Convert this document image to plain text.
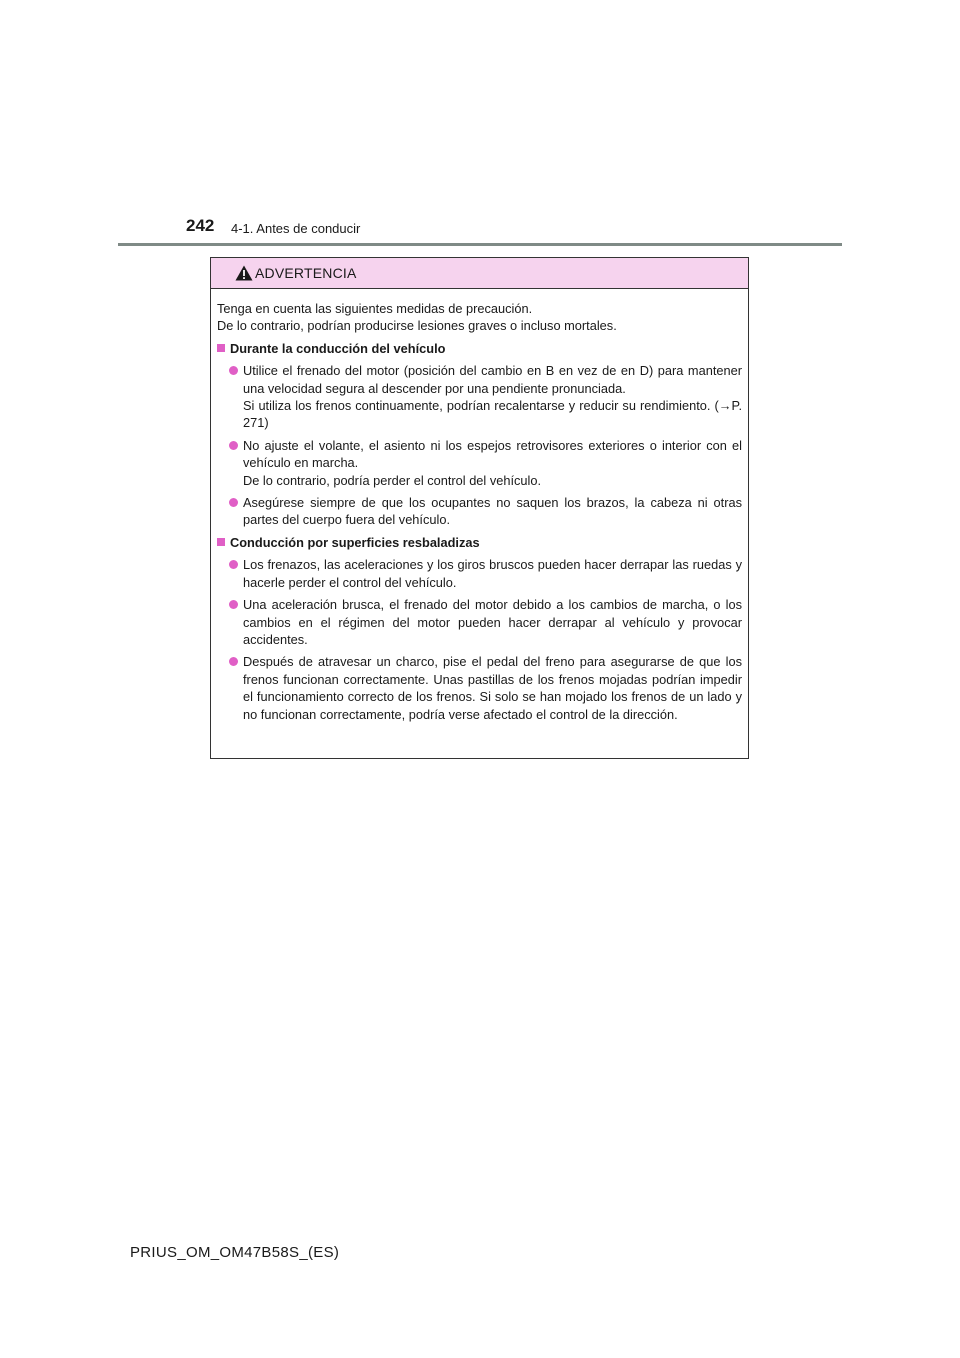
242 4-1. Antes de conducir
ADVERTENCIA

Tenga en cuenta las siguientes medidas de precaución.

De lo contrario, podrían producirse lesiones graves o incluso mortales.

Durante la conducción del vehículo

Utilice el frenado del motor (posición del cambio en B en vez de en D) para mantener una velocidad segura al descender por una pendiente pronunciada.

Si utiliza los frenos continuamente, podrían recalentarse y reducir su rendimiento. (→P. 271)

No ajuste el volante, el asiento ni los espejos retrovisores exteriores o interior con el vehículo en marcha.

De lo contrario, podría perder el control del vehículo.

Asegúrese siempre de que los ocupantes no saquen los brazos, la cabeza ni otras partes del cuerpo fuera del vehículo.

Conducción por superficies resbaladizas

Los frenazos, las aceleraciones y los giros bruscos pueden hacer derrapar las ruedas y hacerle perder el control del vehículo.

Una aceleración brusca, el frenado del motor debido a los cambios de marcha, o los cambios en el régimen del motor pueden hacer derrapar al vehículo y provocar accidentes.

Después de atravesar un charco, pise el pedal del freno para asegurarse de que los frenos funcionan correctamente. Unas pastillas de los frenos mojadas podrían impedir el funcionamiento correcto de los frenos. Si solo se han mojado los frenos de un lado y no funcionan correctamente, podría verse afectado el control de la dirección.

PRIUS_OM_OM47B58S_(ES)
